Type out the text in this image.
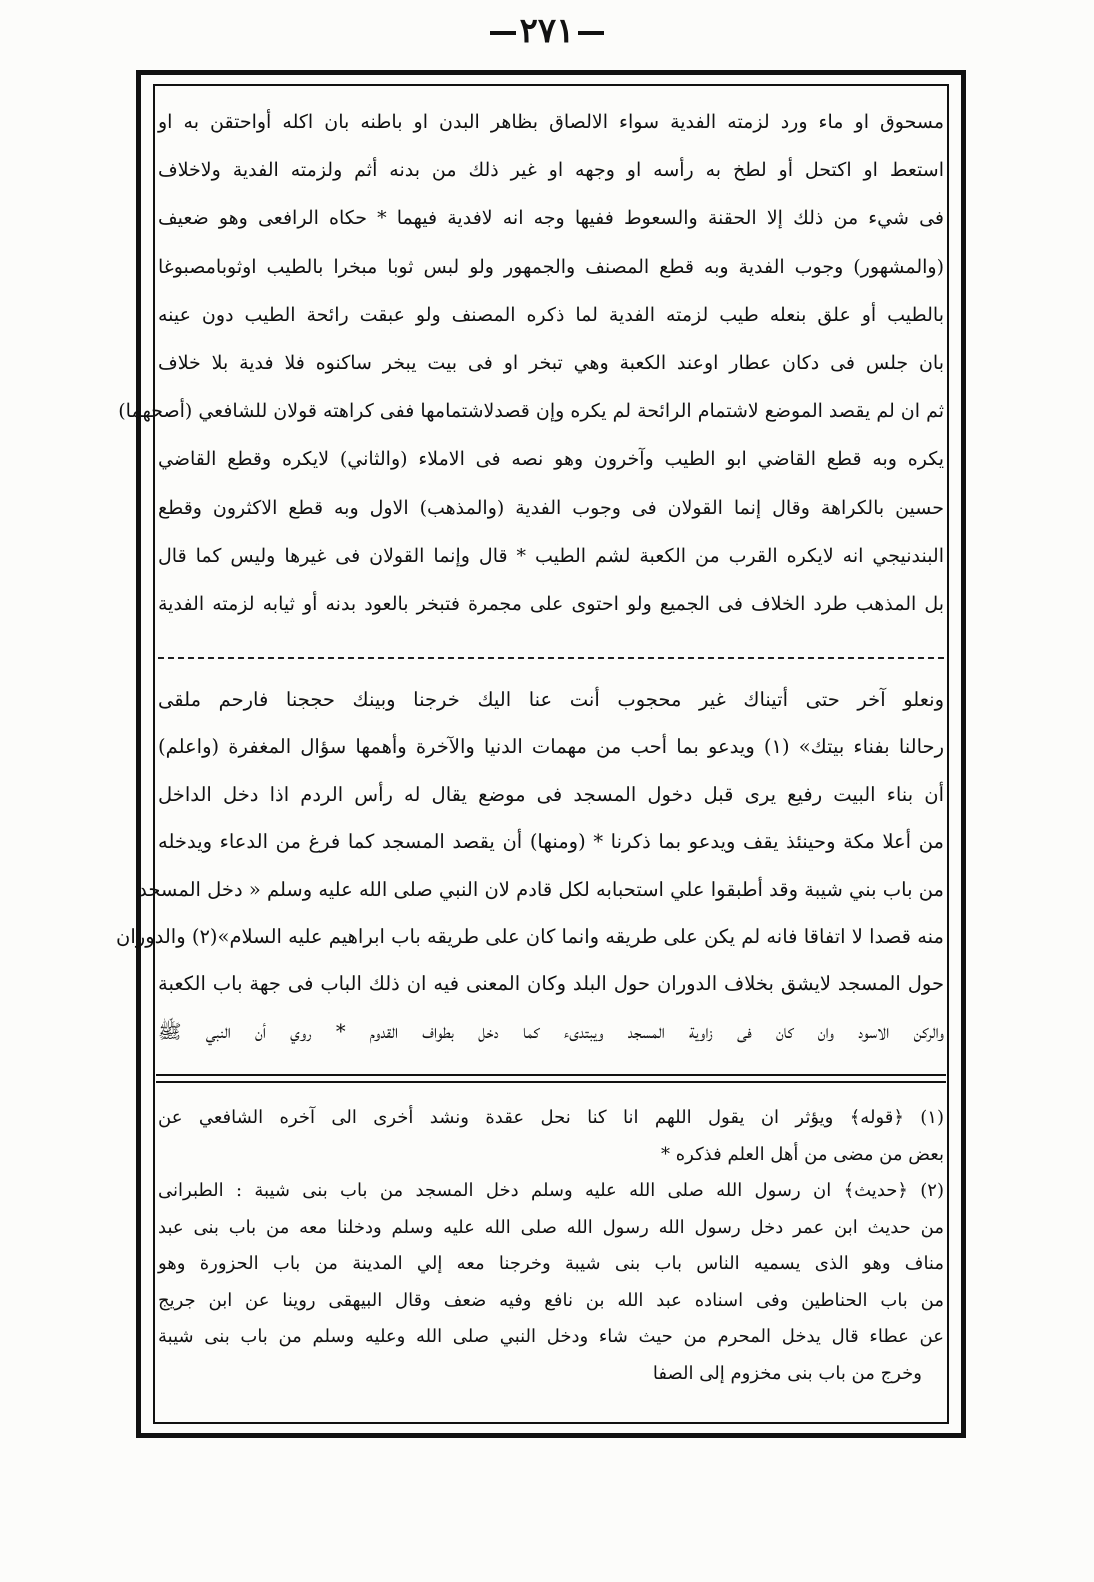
٢٧١
مسحوق او ماء ورد لزمته الفدية سواء الالصاق بظاهر البدن او باطنه بان اكله أواحتقن به او
استعط او اكتحل أو لطخ به رأسه او وجهه او غير ذلك من بدنه أثم ولزمته الفدية ولاخلاف
فى شيء من ذلك إلا الحقنة والسعوط ففيها وجه انه لافدية فيهما * حكاه الرافعى وهو ضعيف
(والمشهور) وجوب الفدية وبه قطع المصنف والجمهور ولو لبس ثوبا مبخرا بالطيب اوثوبامصبوغا
بالطيب أو علق بنعله طيب لزمته الفدية لما ذكره المصنف ولو عبقت رائحة الطيب دون عينه
بان جلس فى دكان عطار اوعند الكعبة وهي تبخر او فى بيت يبخر ساكنوه فلا فدية بلا خلاف
ثم ان لم يقصد الموضع لاشتمام الرائحة لم يكره وإن قصدلاشتمامها ففى كراهته قولان للشافعي (أصحهما)
يكره وبه قطع القاضي ابو الطيب وآخرون وهو نصه فى الاملاء (والثاني) لايكره وقطع القاضي
حسين بالكراهة وقال إنما القولان فى وجوب الفدية (والمذهب) الاول وبه قطع الاكثرون وقطع
البندنيجي انه لايكره القرب من الكعبة لشم الطيب * قال وإنما القولان فى غيرها وليس كما قال
بل المذهب طرد الخلاف فى الجميع ولو احتوى على مجمرة فتبخر بالعود بدنه أو ثيابه لزمته الفدية
ونعلو آخر حتى أتيناك غير محجوب أنت عنا اليك خرجنا وبينك حججنا فارحم ملقى
رحالنا بفناء بيتك» (١) ويدعو بما أحب من مهمات الدنيا والآخرة وأهمها سؤال المغفرة (واعلم)
أن بناء البيت رفيع يرى قبل دخول المسجد فى موضع يقال له رأس الردم اذا دخل الداخل
من أعلا مكة وحينئذ يقف ويدعو بما ذكرنا * (ومنها) أن يقصد المسجد كما فرغ من الدعاء ويدخله
من باب بني شيبة وقد أطبقوا علي استحبابه لكل قادم لان النبي صلى الله عليه وسلم « دخل المسجد
منه قصدا لا اتفاقا فانه لم يكن على طريقه وانما كان على طريقه باب ابراهيم عليه السلام»(٢) والدوران
حول المسجد لايشق بخلاف الدوران حول البلد وكان المعنى فيه ان ذلك الباب فى جهة باب الكعبة
والركن الاسود وان كان فى زاوية المسجد ويبتدىء كما دخل بطواف القدوم * روي أن النبي ﷺ
(١) ﴿قوله﴾ ويؤثر ان يقول اللهم انا كنا نحل عقدة ونشد أخرى الى آخره الشافعي عن
بعض من مضى من أهل العلم فذكره *
(٢) ﴿حديث﴾ ان رسول الله صلى الله عليه وسلم دخل المسجد من باب بنى شيبة : الطبرانى
من حديث ابن عمر دخل رسول الله رسول الله صلى الله عليه وسلم ودخلنا معه من باب بنى عبد
مناف وهو الذى يسميه الناس باب بنى شيبة وخرجنا معه إلي المدينة من باب الحزورة وهو
من باب الحناطين وفى اسناده عبد الله بن نافع وفيه ضعف وقال البيهقى روينا عن ابن جريج
عن عطاء قال يدخل المحرم من حيث شاء ودخل النبي صلى الله وعليه وسلم من باب بنى شيبة
وخرج من باب بنى مخزوم إلى الصفا
